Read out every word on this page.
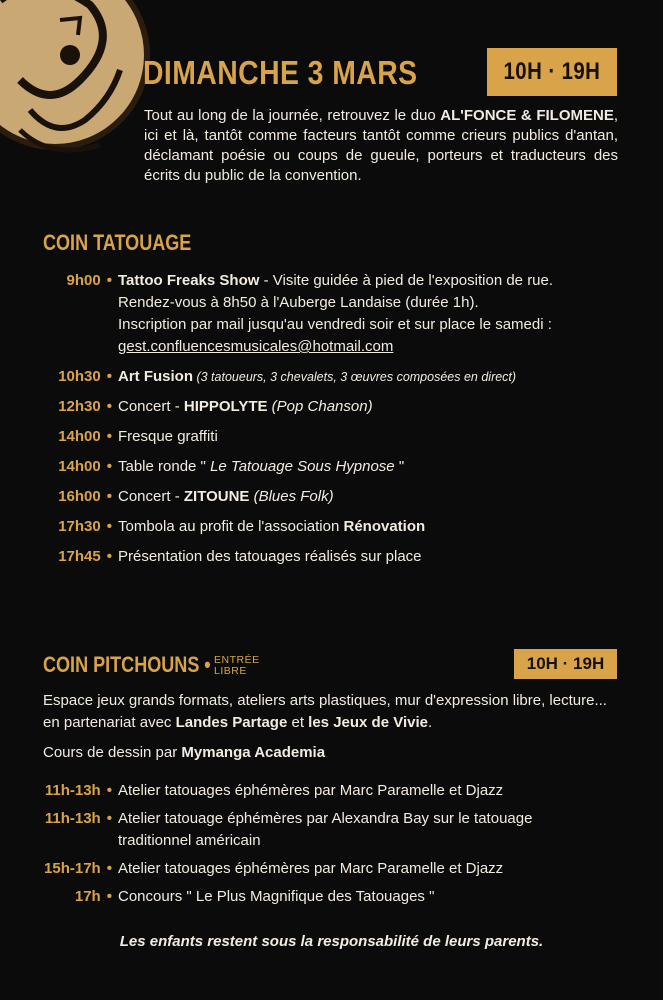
DIMANCHE 3 MARS	10H · 19H
Tout au long de la journée, retrouvez le duo AL'FONCE & FILOMENE, ici et là, tantôt comme facteurs tantôt comme crieurs publics d'antan, déclamant poésie ou coups de gueule, porteurs et traducteurs des écrits du public de la convention.
COIN TATOUAGE
9h00 • Tattoo Freaks Show - Visite guidée à pied de l'exposition de rue.
Rendez-vous à 8h50 à l'Auberge Landaise (durée 1h).
Inscription par mail jusqu'au vendredi soir et sur place le samedi :
gest.confluencesmusicales@hotmail.com
10h30 • Art Fusion (3 tatoueurs, 3 chevalets, 3 œuvres composées en direct)
12h30 • Concert - HIPPOLYTE (Pop Chanson)
14h00 • Fresque graffiti
14h00 • Table ronde " Le Tatouage Sous Hypnose "
16h00 • Concert - ZITOUNE (Blues Folk)
17h30 • Tombola au profit de l'association Rénovation
17h45 • Présentation des tatouages réalisés sur place
COIN PITCHOUNS • ENTRÉE
LIBRE	10H · 19H
Espace jeux grands formats, ateliers arts plastiques, mur d'expression libre, lecture... en partenariat avec Landes Partage et les Jeux de Vivie.
Cours de dessin par Mymanga Academia
11h-13h • Atelier tatouages éphémères par Marc Paramelle et Djazz
11h-13h • Atelier tatouage éphémères par Alexandra Bay sur le tatouage
traditionnel américain
15h-17h • Atelier tatouages éphémères par Marc Paramelle et Djazz
17h • Concours " Le Plus Magnifique des Tatouages "
Les enfants restent sous la responsabilité de leurs parents.
